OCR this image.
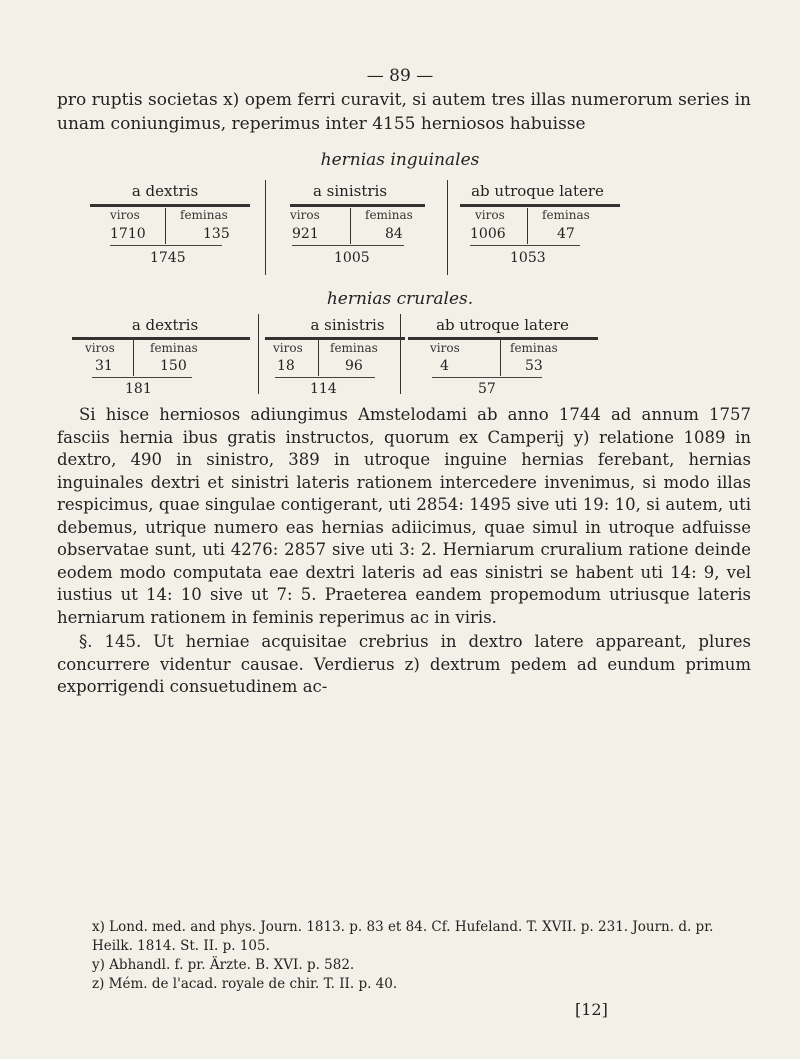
— 89 —

pro ruptis societas x) opem ferri curavit, si autem tres illas numerorum series in unam coniungimus, reperimus inter 4155 herniosos habuisse

hernias inguinales
a dextris
viros	feminas
1710	135
1745
a sinistris
viros	feminas
921	84
1005
ab utroque latere
viros	feminas
1006	47
1053
hernias crurales.
a dextris
viros	feminas
31	150
181
a sinistris
viros feminas
18	96
114
ab utroque latere
viros	feminas
4	53
57

Si hisce herniosos adiungimus Amstelodami ab anno 1744 ad annum 1757 fasciis hernia ibus gratis instructos, quorum ex Camperij y) relatione 1089 in dextro, 490 in sinistro, 389 in utroque inguine hernias ferebant, hernias inguinales dextri et sinistri lateris rationem intercedere invenimus, si modo illas respicimus, quae singulae contigerant, uti 2854: 1495 sive uti 19: 10, si autem, uti debemus, utrique numero eas hernias adiicimus, quae simul in utroque adfuisse observatae sunt, uti 4276: 2857 sive uti 3: 2. Herniarum cruralium ratione deinde eodem modo computata eae dextri lateris ad eas sinistri se habent uti 14: 9, vel iustius ut 14: 10 sive ut 7: 5. Praeterea eandem propemodum utriusque lateris herniarum rationem in feminis reperimus ac in viris.

§. 145. Ut herniae acquisitae crebrius in dextro latere appareant, plures concurrere videntur causae. Verdierus z) dextrum pedem ad eundum primum exporrigendi consuetudinem ac-

x) Lond. med. and phys. Journ. 1813. p. 83 et 84. Cf. Hufeland. T. XVII. p. 231. Journ. d. pr. Heilk. 1814. St. II. p. 105.

y) Abhandl. f. pr. Ärzte. B. XVI. p. 582.

z) Mém. de l'acad. royale de chir. T. II. p. 40.

[12]
